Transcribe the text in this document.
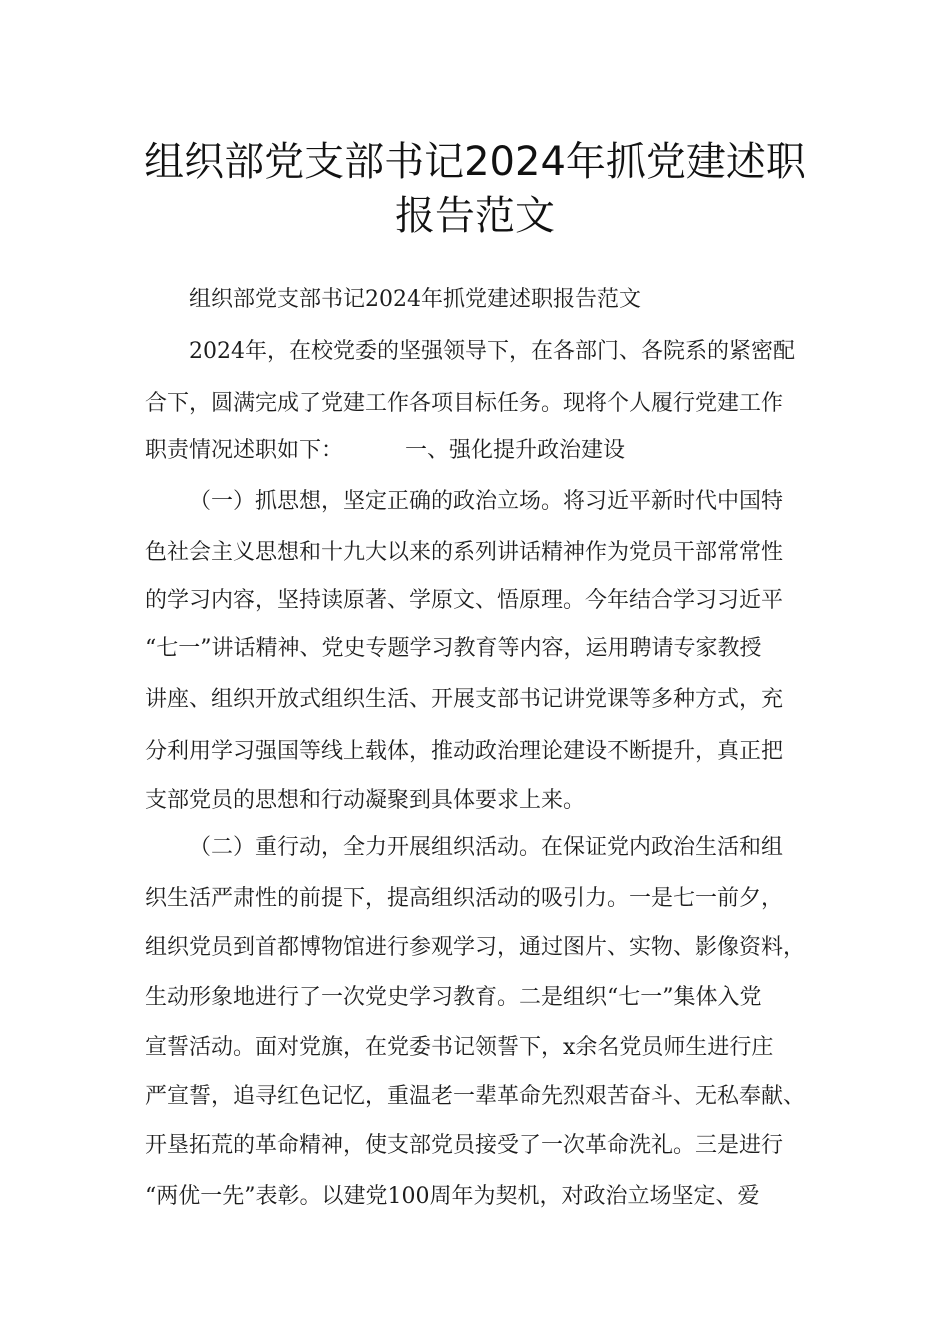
组织部党支部书记2024年抓党建述职
报告范文
组织部党支部书记2024年抓党建述职报告范文
2024年，在校党委的坚强领导下，在各部门、各院系的紧密配
合下，圆满完成了党建工作各项目标任务。现将个人履行党建工作
职责情况述职如下：	一、强化提升政治建设
（一）抓思想，坚定正确的政治立场。将习近平新时代中国特
色社会主义思想和十九大以来的系列讲话精神作为党员干部常常性
的学习内容，坚持读原著、学原文、悟原理。今年结合学习习近平
“七一”讲话精神、党史专题学习教育等内容，运用聘请专家教授
讲座、组织开放式组织生活、开展支部书记讲党课等多种方式，充
分利用学习强国等线上载体，推动政治理论建设不断提升，真正把
支部党员的思想和行动凝聚到具体要求上来。
（二）重行动，全力开展组织活动。在保证党内政治生活和组
织生活严肃性的前提下，提高组织活动的吸引力。一是七一前夕，
组织党员到首都博物馆进行参观学习，通过图片、实物、影像资料，
生动形象地进行了一次党史学习教育。二是组织“七一”集体入党
宣誓活动。面对党旗，在党委书记领誓下，x余名党员师生进行庄
严宣誓，追寻红色记忆，重温老一辈革命先烈艰苦奋斗、无私奉献、
开垦拓荒的革命精神，使支部党员接受了一次革命洗礼。三是进行
“两优一先”表彰。以建党100周年为契机，对政治立场坚定、爱
